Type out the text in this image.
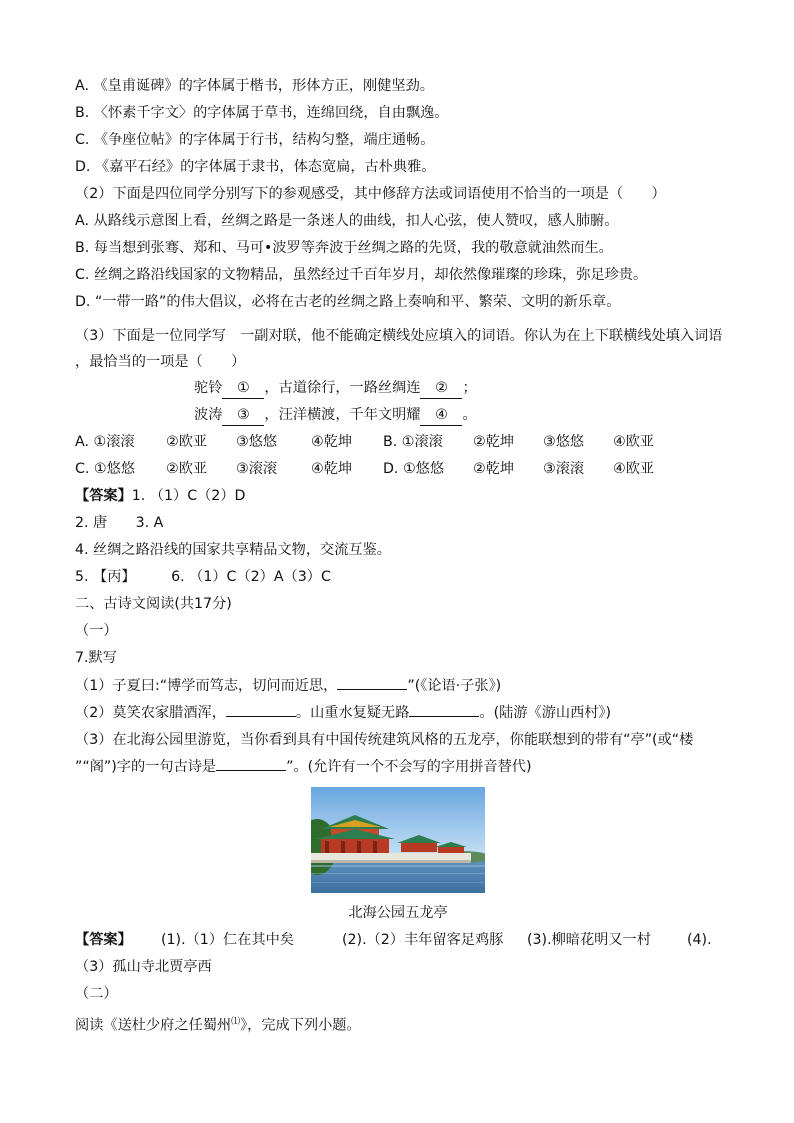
A. 《皇甫诞碑》的字体属于楷书，形体方正，刚健坚劲。
B. 〈怀素千字文〉的字体属于草书，连绵回绕，自由飘逸。
C. 《争座位帖》的字体属于行书，结构匀整，端庄通畅。
D. 《嘉平石经》的字体属于隶书，体态宽扁，古朴典雅。
（2）下面是四位同学分别写下的参观感受，其中修辞方法或词语使用不恰当的一项是（　　）
A. 从路线示意图上看，丝绸之路是一条迷人的曲线，扣人心弦，使人赞叹，感人肺腑。
B. 每当想到张骞、郑和、马可•波罗等奔波于丝绸之路的先贤，我的敬意就油然而生。
C. 丝绸之路沿线国家的文物精品，虽然经过千百年岁月，却依然像璀璨的珍珠，弥足珍贵。
D. “一带一路”的伟大倡议，必将在古老的丝绸之路上奏响和平、繁荣、文明的新乐章。
（3）下面是一位同学写　一副对联，他不能确定横线处应填入的词语。你认为在上下联横线处填入词语
，最恰当的一项是（　　）
驼铃 ① ，古道徐行，一路丝绸连 ② ；
波涛 ③ ，汪洋横渡，千年文明耀 ④ 。
A. ①滚滚 ②欧亚 ③悠悠 ④乾坤 B. ①滚滚 ②乾坤 ③悠悠 ④欧亚
C. ①悠悠 ②欧亚 ③滚滚 ④乾坤 D. ①悠悠 ②乾坤 ③滚滚 ④欧亚
【答案】1. （1）C（2）D
2. 唐　　3. A
4. 丝绸之路沿线的国家共享精品文物，交流互鉴。
5. 【丙】　　　	6. （1）C（2）A（3）C
二、古诗文阅读(共17分)
（一）
7.默写
（1）子夏曰:“博学而笃志，切问而近思，	”(《论语·子张》)
（2）莫笑农家腊酒浑，	。山重水复疑无路	。(陆游《游山西村》)
（3）在北海公园里游览，当你看到具有中国传统建筑风格的五龙亭，你能联想到的带有“亭”(或“楼
”“阁”)字的一句古诗是	”。(允许有一个不会写的字用拼音替代)
北海公园五龙亭
【答案】 (1).（1）仁在其中矣	(2).（2）丰年留客足鸡豚 (3).柳暗花明又一村	(4).
（3）孤山寺北贾亭西
（二）
阅读《送杜少府之任蜀州⑴》，完成下列小题。
